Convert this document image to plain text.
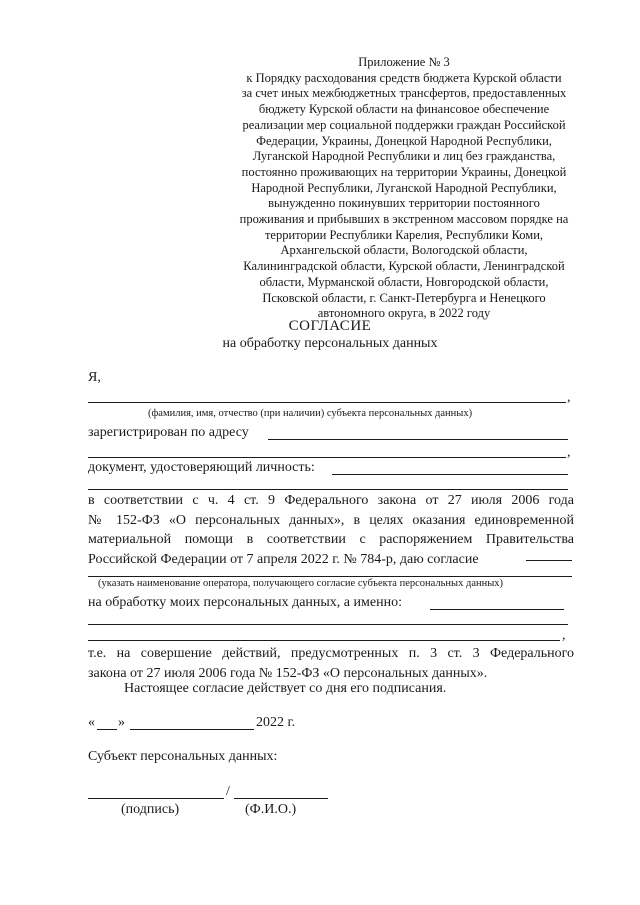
Приложение № 3
к Порядку расходования средств бюджета Курской области
за счет иных межбюджетных трансфертов, предоставленных
бюджету Курской области на финансовое обеспечение
реализации мер социальной поддержки граждан Российской
Федерации, Украины, Донецкой Народной Республики,
Луганской Народной Республики и лиц без гражданства,
постоянно проживающих на территории Украины, Донецкой
Народной Республики, Луганской Народной Республики,
вынужденно покинувших территории постоянного
проживания и прибывших в экстренном массовом порядке на
территории Республики Карелия, Республики Коми,
Архангельской области, Вологодской области,
Калининградской области, Курской области, Ленинградской
области, Мурманской области, Новгородской области,
Псковской области, г. Санкт-Петербурга и Ненецкого
автономного округа, в 2022 году
СОГЛАСИЕ
на обработку персональных данных
Я,
,
(фамилия, имя, отчество (при наличии) субъекта персональных данных)
зарегистрирован по адресу
,
документ, удостоверяющий личность:
в соответствии с ч. 4 ст. 9 Федерального закона от 27 июля 2006 года
№ 152-ФЗ «О персональных данных», в целях оказания единовременной
материальной помощи в соответствии с распоряжением Правительства
Российской Федерации от 7 апреля 2022 г. № 784-р, даю согласие
(указать наименование оператора, получающего согласие субъекта персональных данных)
на обработку моих персональных данных, а именно:
,
т.е. на совершение действий, предусмотренных п. 3 ст. 3 Федерального
закона от 27 июля 2006 года № 152-ФЗ «О персональных данных».
Настоящее согласие действует со дня его подписания.
« »	2022 г.
Субъект персональных данных:
/
(подпись)	(Ф.И.О.)
